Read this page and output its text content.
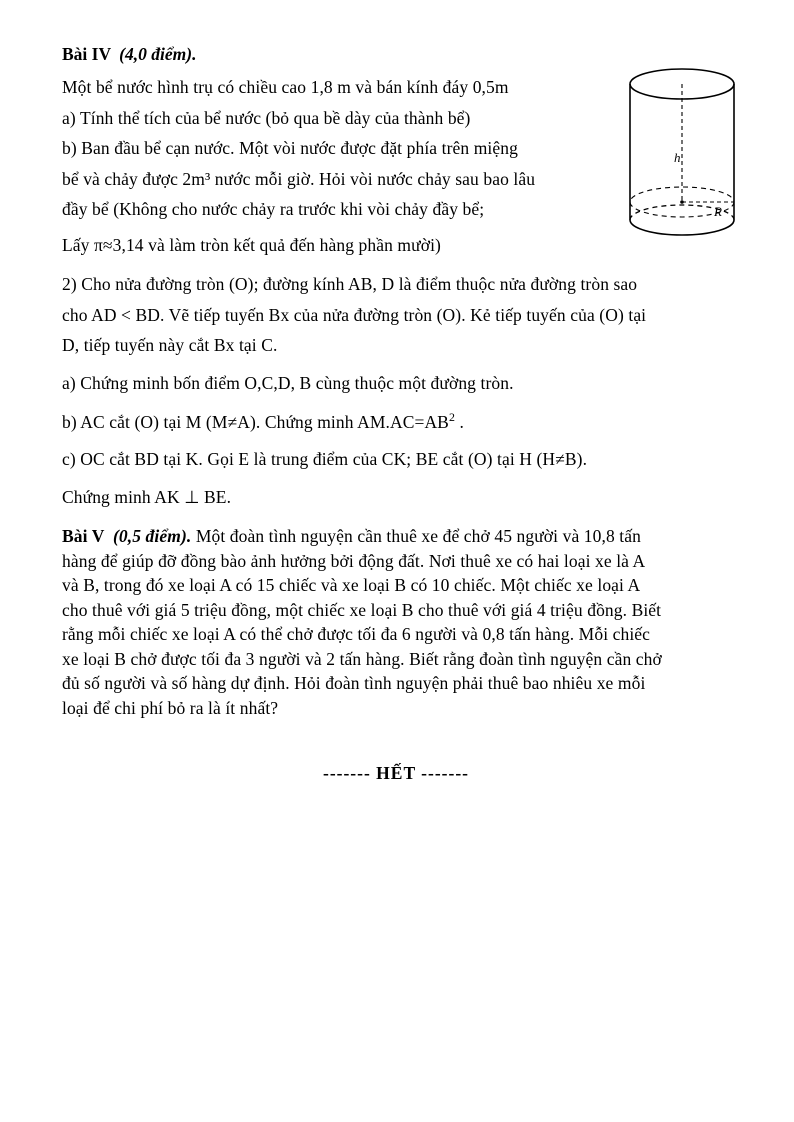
Bài IV (4,0 điểm).
Một bể nước hình trụ có chiều cao 1,8 m và bán kính đáy 0,5m
a) Tính thể tích của bể nước (bỏ qua bề dày của thành bể)
b) Ban đầu bể cạn nước. Một vòi nước được đặt phía trên miệng
bể và chảy được 2m³ nước mỗi giờ. Hỏi vòi nước chảy sau bao lâu
đầy bể (Không cho nước chảy ra trước khi vòi chảy đầy bể;
Lấy π≈3,14 và làm tròn kết quả đến hàng phần mười)
2) Cho nửa đường tròn (O); đường kính AB, D là điểm thuộc nửa đường tròn sao
cho AD < BD. Vẽ tiếp tuyến Bx của nửa đường tròn (O). Kẻ tiếp tuyến của (O) tại
D, tiếp tuyến này cắt Bx tại C.
a) Chứng minh bốn điểm O,C,D, B cùng thuộc một đường tròn.
b) AC cắt (O) tại M (M≠A). Chứng minh $AM.AC=AB^2$ .
c) OC cắt BD tại K. Gọi E là trung điểm của CK; BE cắt (O) tại H (H≠B).
Chứng minh AK ⊥ BE.
Bài V (0,5 điểm). Một đoàn tình nguyện cần thuê xe để chở 45 người và 10,8 tấn
hàng để giúp đỡ đồng bào ảnh hưởng bởi động đất. Nơi thuê xe có hai loại xe là A
và B, trong đó xe loại A có 15 chiếc và xe loại B có 10 chiếc. Một chiếc xe loại A
cho thuê với giá 5 triệu đồng, một chiếc xe loại B cho thuê với giá 4 triệu đồng. Biết
rằng mỗi chiếc xe loại A có thể chở được tối đa 6 người và 0,8 tấn hàng. Mỗi chiếc
xe loại B chở được tối đa 3 người và 2 tấn hàng. Biết rằng đoàn tình nguyện cần chở
đủ số người và số hàng dự định. Hỏi đoàn tình nguyện phải thuê bao nhiêu xe mỗi
loại để chi phí bỏ ra là ít nhất?
------- HẾT -------
h
R
